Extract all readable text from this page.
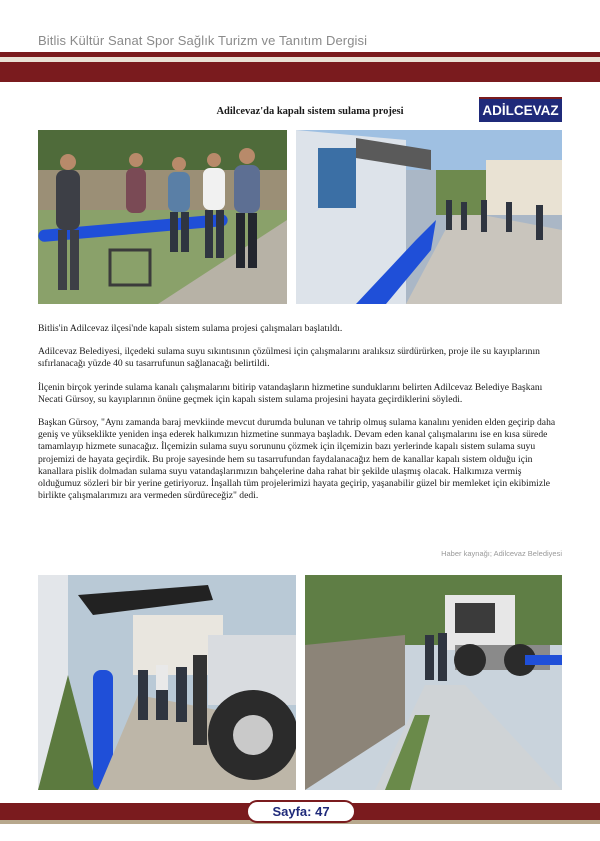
Bitlis Kültür Sanat Spor Sağlık Turizm ve Tanıtım Dergisi
Adilcevaz'da kapalı sistem sulama projesi	ADİLCEVAZ

Bitlis'in Adilcevaz ilçesi'nde kapalı sistem sulama projesi çalışmaları başlatıldı.

Adilcevaz Belediyesi, ilçedeki sulama suyu sıkıntısının çözülmesi için çalışmalarını aralıksız sürdürürken, proje ile su kayıplarının sıfırlanacağı yüzde 40 su tasarrufunun sağlanacağı belirtildi.

İlçenin birçok yerinde sulama kanalı çalışmalarını bitirip vatandaşların hizmetine sunduklarını belirten Adilcevaz Belediye Başkanı Necati Gürsoy, su kayıplarının önüne geçmek için kapalı sistem sulama projesini hayata geçirdiklerini söyledi.

Başkan Gürsoy, "Aynı zamanda baraj mevkiinde mevcut durumda bulunan ve tahrip olmuş sulama kanalını yeniden elden geçirip daha geniş ve yükseklikte yeniden inşa ederek halkımızın hizmetine sunmaya başladık. Devam eden kanal çalışmalarını ise en kısa sürede tamamlayıp hizmete sunacağız. İlçemizin sulama suyu sorununu çözmek için ilçemizin bazı yerlerinde kapalı sistem sulama suyu projemizi de hayata geçirdik. Bu proje sayesinde hem su tasarrufundan faydalanacağız hem de kanallar kapalı sistem olduğu için kanallara pislik dolmadan sulama suyu vatandaşlarımızın bahçelerine daha rahat bir şekilde ulaşmış olacak. Halkımıza vermiş olduğumuz sözleri bir bir yerine getiriyoruz. İnşallah tüm projelerimizi hayata geçirip, yaşanabilir güzel bir memleket için ekibimizle birlikte çalışmalarımızı ara vermeden sürdüreceğiz" dedi.

Haber kaynağı; Adilcevaz Belediyesi
Sayfa: 47
